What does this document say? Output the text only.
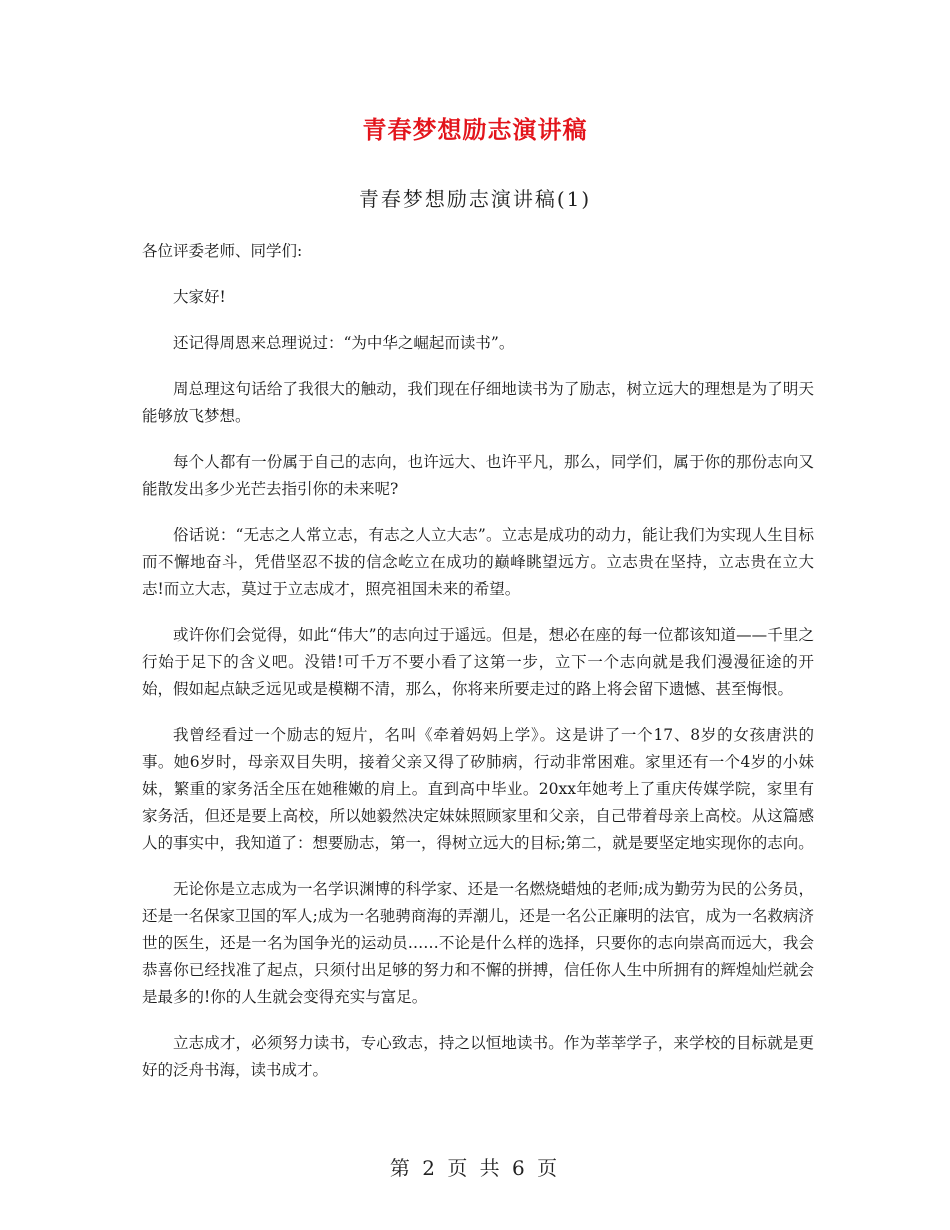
青春梦想励志演讲稿
青春梦想励志演讲稿(1)

各位评委老师、同学们:

大家好!

还记得周恩来总理说过：“为中华之崛起而读书”。

周总理这句话给了我很大的触动，我们现在仔细地读书为了励志，树立远大的理想是为了明天能够放飞梦想。

每个人都有一份属于自己的志向，也许远大、也许平凡，那么，同学们，属于你的那份志向又能散发出多少光芒去指引你的未来呢?

俗话说：“无志之人常立志，有志之人立大志”。立志是成功的动力，能让我们为实现人生目标而不懈地奋斗，凭借坚忍不拔的信念屹立在成功的巅峰眺望远方。立志贵在坚持，立志贵在立大志!而立大志，莫过于立志成才，照亮祖国未来的希望。

或许你们会觉得，如此“伟大”的志向过于遥远。但是，想必在座的每一位都该知道——千里之行始于足下的含义吧。没错!可千万不要小看了这第一步，立下一个志向就是我们漫漫征途的开始，假如起点缺乏远见或是模糊不清，那么，你将来所要走过的路上将会留下遗憾、甚至悔恨。

我曾经看过一个励志的短片，名叫《牵着妈妈上学》。这是讲了一个17、8岁的女孩唐洪的事。她6岁时，母亲双目失明，接着父亲又得了矽肺病，行动非常困难。家里还有一个4岁的小妹妹，繁重的家务活全压在她稚嫩的肩上。直到高中毕业。20xx年她考上了重庆传媒学院，家里有家务活，但还是要上高校，所以她毅然决定妹妹照顾家里和父亲，自己带着母亲上高校。从这篇感人的事实中，我知道了：想要励志，第一，得树立远大的目标;第二，就是要坚定地实现你的志向。

无论你是立志成为一名学识渊博的科学家、还是一名燃烧蜡烛的老师;成为勤劳为民的公务员，还是一名保家卫国的军人;成为一名驰骋商海的弄潮儿，还是一名公正廉明的法官，成为一名救病济世的医生，还是一名为国争光的运动员……不论是什么样的选择，只要你的志向崇高而远大，我会恭喜你已经找准了起点，只须付出足够的努力和不懈的拼搏，信任你人生中所拥有的辉煌灿烂就会是最多的!你的人生就会变得充实与富足。

立志成才，必须努力读书，专心致志，持之以恒地读书。作为莘莘学子，来学校的目标就是更好的泛舟书海，读书成才。

第 2 页 共 6 页
